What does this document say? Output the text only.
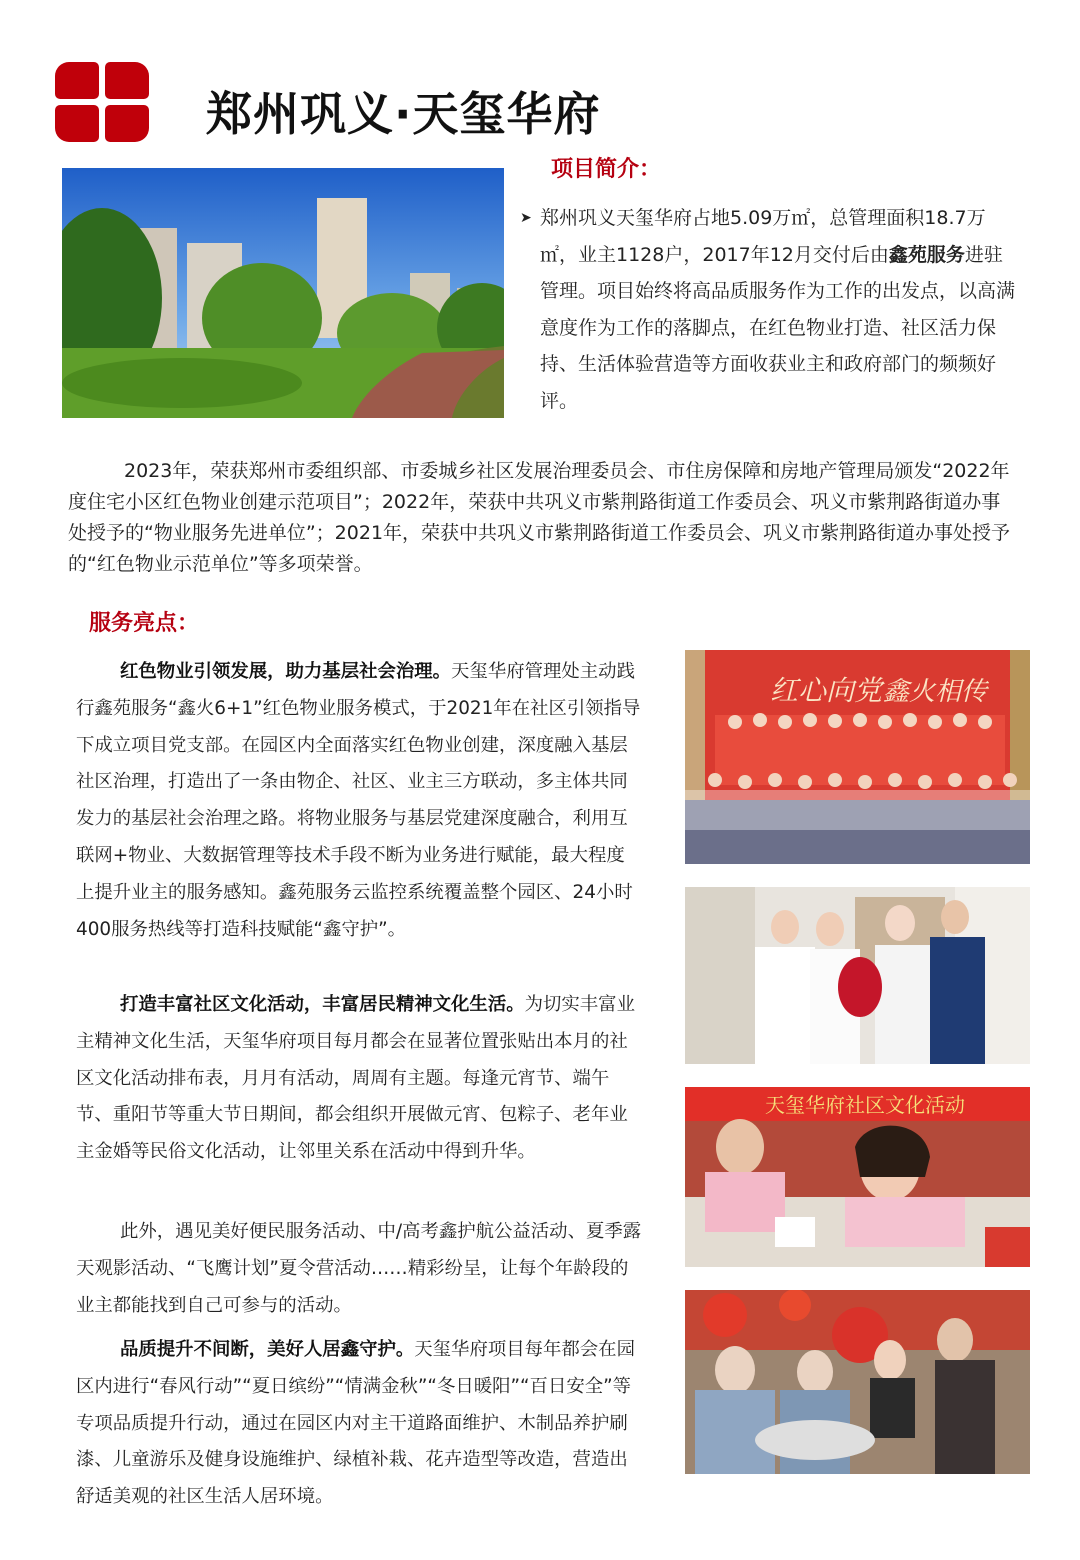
郑州巩义·天玺华府
项目简介：
➤ 郑州巩义天玺华府占地5.09万㎡，总管理面积18.7万㎡，业主1128户，2017年12月交付后由鑫苑服务进驻管理。项目始终将高品质服务作为工作的出发点，以高满意度作为工作的落脚点，在红色物业打造、社区活力保持、生活体验营造等方面收获业主和政府部门的频频好评。
2023年，荣获郑州市委组织部、市委城乡社区发展治理委员会、市住房保障和房地产管理局颁发“2022年度住宅小区红色物业创建示范项目”；2022年，荣获中共巩义市紫荆路街道工作委员会、巩义市紫荆路街道办事处授予的“物业服务先进单位”；2021年，荣获中共巩义市紫荆路街道工作委员会、巩义市紫荆路街道办事处授予的“红色物业示范单位”等多项荣誉。
服务亮点：
红色物业引领发展，助力基层社会治理。天玺华府管理处主动践行鑫苑服务“鑫火6+1”红色物业服务模式，于2021年在社区引领指导下成立项目党支部。在园区内全面落实红色物业创建，深度融入基层社区治理，打造出了一条由物企、社区、业主三方联动，多主体共同发力的基层社会治理之路。将物业服务与基层党建深度融合，利用互联网+物业、大数据管理等技术手段不断为业务进行赋能，最大程度上提升业主的服务感知。鑫苑服务云监控系统覆盖整个园区、24小时400服务热线等打造科技赋能“鑫守护”。
打造丰富社区文化活动，丰富居民精神文化生活。为切实丰富业主精神文化生活，天玺华府项目每月都会在显著位置张贴出本月的社区文化活动排布表，月月有活动，周周有主题。每逢元宵节、端午节、重阳节等重大节日期间，都会组织开展做元宵、包粽子、老年业主金婚等民俗文化活动，让邻里关系在活动中得到升华。
此外，遇见美好便民服务活动、中/高考鑫护航公益活动、夏季露天观影活动、“飞鹰计划”夏令营活动……精彩纷呈，让每个年龄段的业主都能找到自己可参与的活动。
品质提升不间断，美好人居鑫守护。天玺华府项目每年都会在园区内进行“春风行动”“夏日缤纷”“情满金秋”“冬日暖阳”“百日安全”等专项品质提升行动，通过在园区内对主干道路面维护、木制品养护刷漆、儿童游乐及健身设施维护、绿植补栽、花卉造型等改造，营造出舒适美观的社区生活人居环境。
红心向党 鑫火相传
天玺华府社区文化活动
